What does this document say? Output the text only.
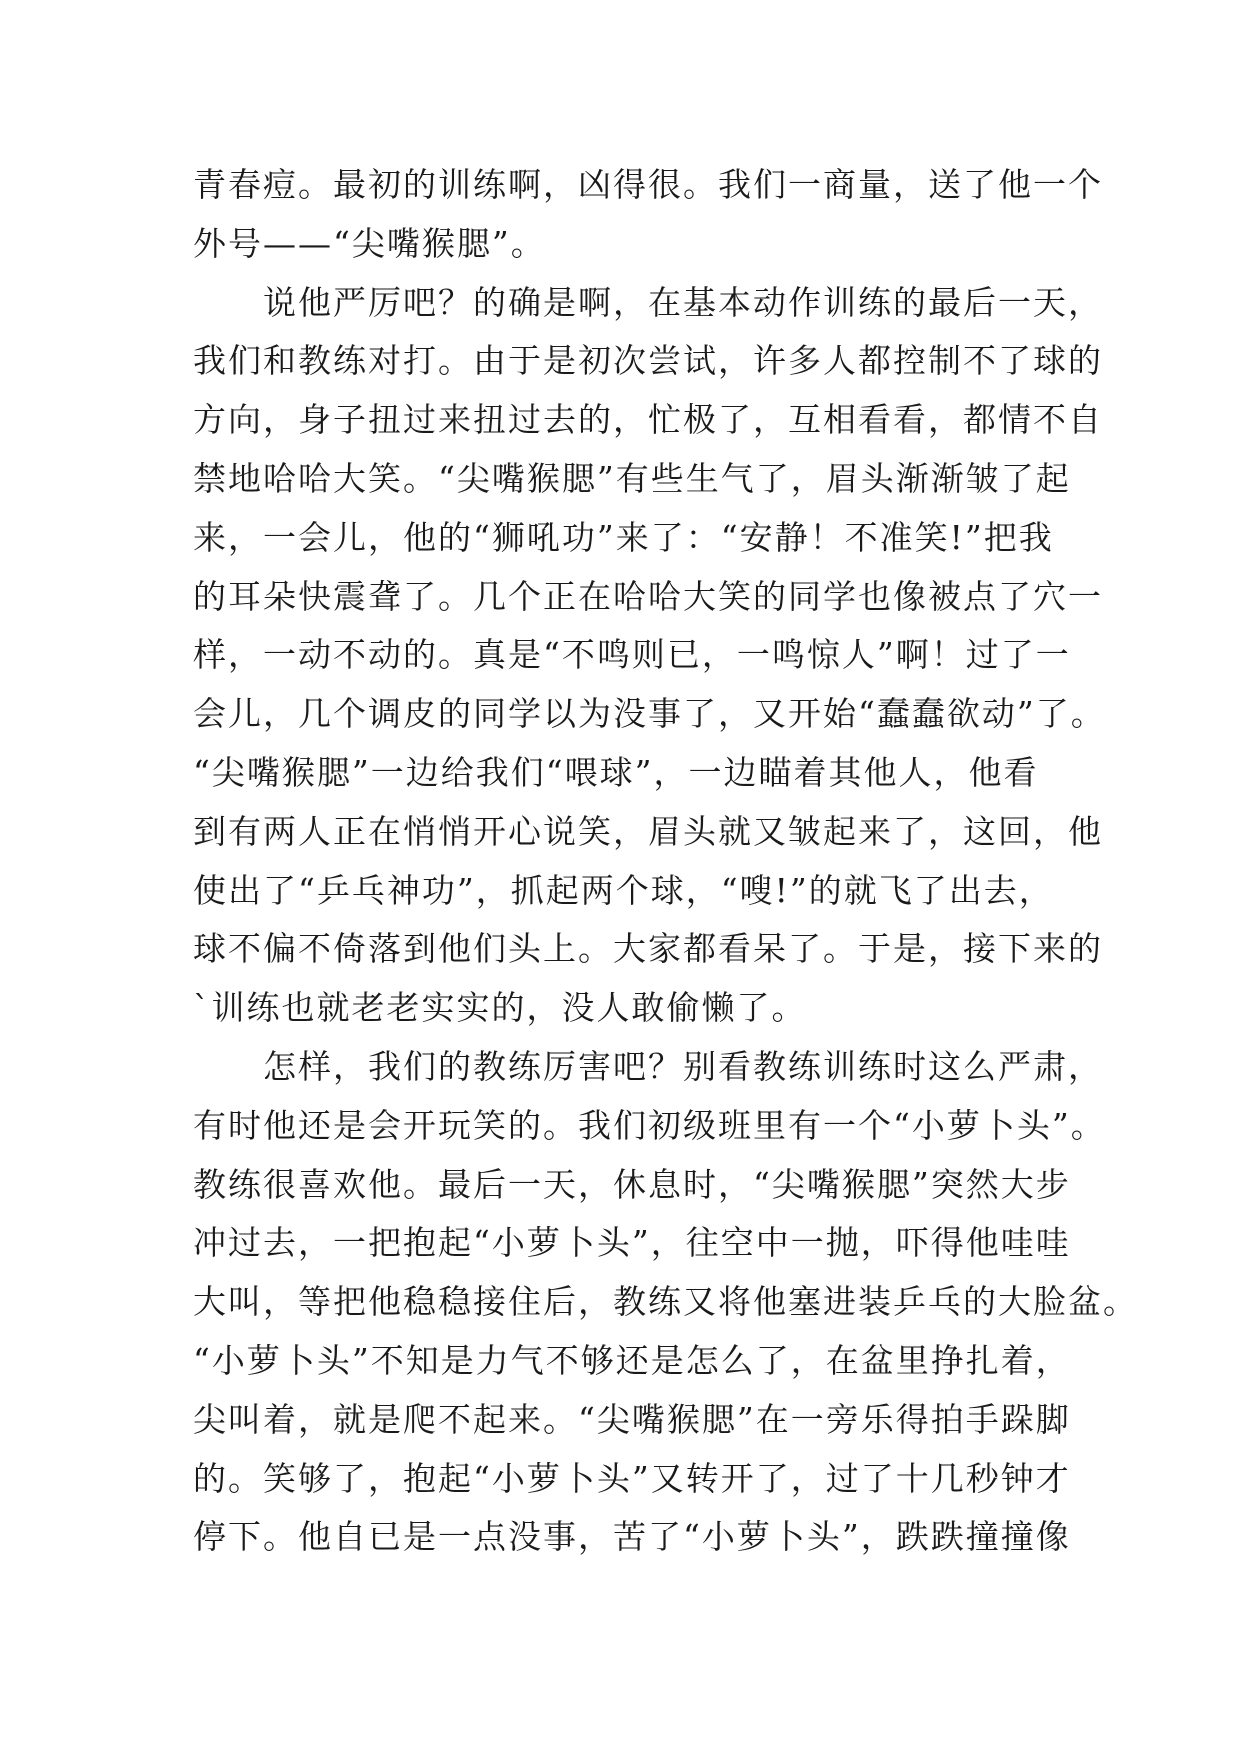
青春痘。最初的训练啊，凶得很。我们一商量，送了他一个
外号——“尖嘴猴腮”。
　　说他严厉吧？的确是啊，在基本动作训练的最后一天，
我们和教练对打。由于是初次尝试，许多人都控制不了球的
方向，身子扭过来扭过去的，忙极了，互相看看，都情不自
禁地哈哈大笑。“尖嘴猴腮”有些生气了，眉头渐渐皱了起
来，一会儿，他的“狮吼功”来了：“安静！不准笑!”把我
的耳朵快震聋了。几个正在哈哈大笑的同学也像被点了穴一
样，一动不动的。真是“不鸣则已，一鸣惊人”啊！过了一
会儿，几个调皮的同学以为没事了，又开始“蠢蠢欲动”了。
“尖嘴猴腮”一边给我们“喂球”，一边瞄着其他人，他看
到有两人正在悄悄开心说笑，眉头就又皱起来了，这回，他
使出了“乒乓神功”，抓起两个球，“嗖!”的就飞了出去，
球不偏不倚落到他们头上。大家都看呆了。于是，接下来的
`训练也就老老实实的，没人敢偷懒了。
　　怎样，我们的教练厉害吧？别看教练训练时这么严肃，
有时他还是会开玩笑的。我们初级班里有一个“小萝卜头”。
教练很喜欢他。最后一天，休息时，“尖嘴猴腮”突然大步
冲过去，一把抱起“小萝卜头”，往空中一抛，吓得他哇哇
大叫，等把他稳稳接住后，教练又将他塞进装乒乓的大脸盆。
“小萝卜头”不知是力气不够还是怎么了，在盆里挣扎着，
尖叫着，就是爬不起来。“尖嘴猴腮”在一旁乐得拍手跺脚
的。笑够了，抱起“小萝卜头”又转开了，过了十几秒钟才
停下。他自已是一点没事，苦了“小萝卜头”，跌跌撞撞像
